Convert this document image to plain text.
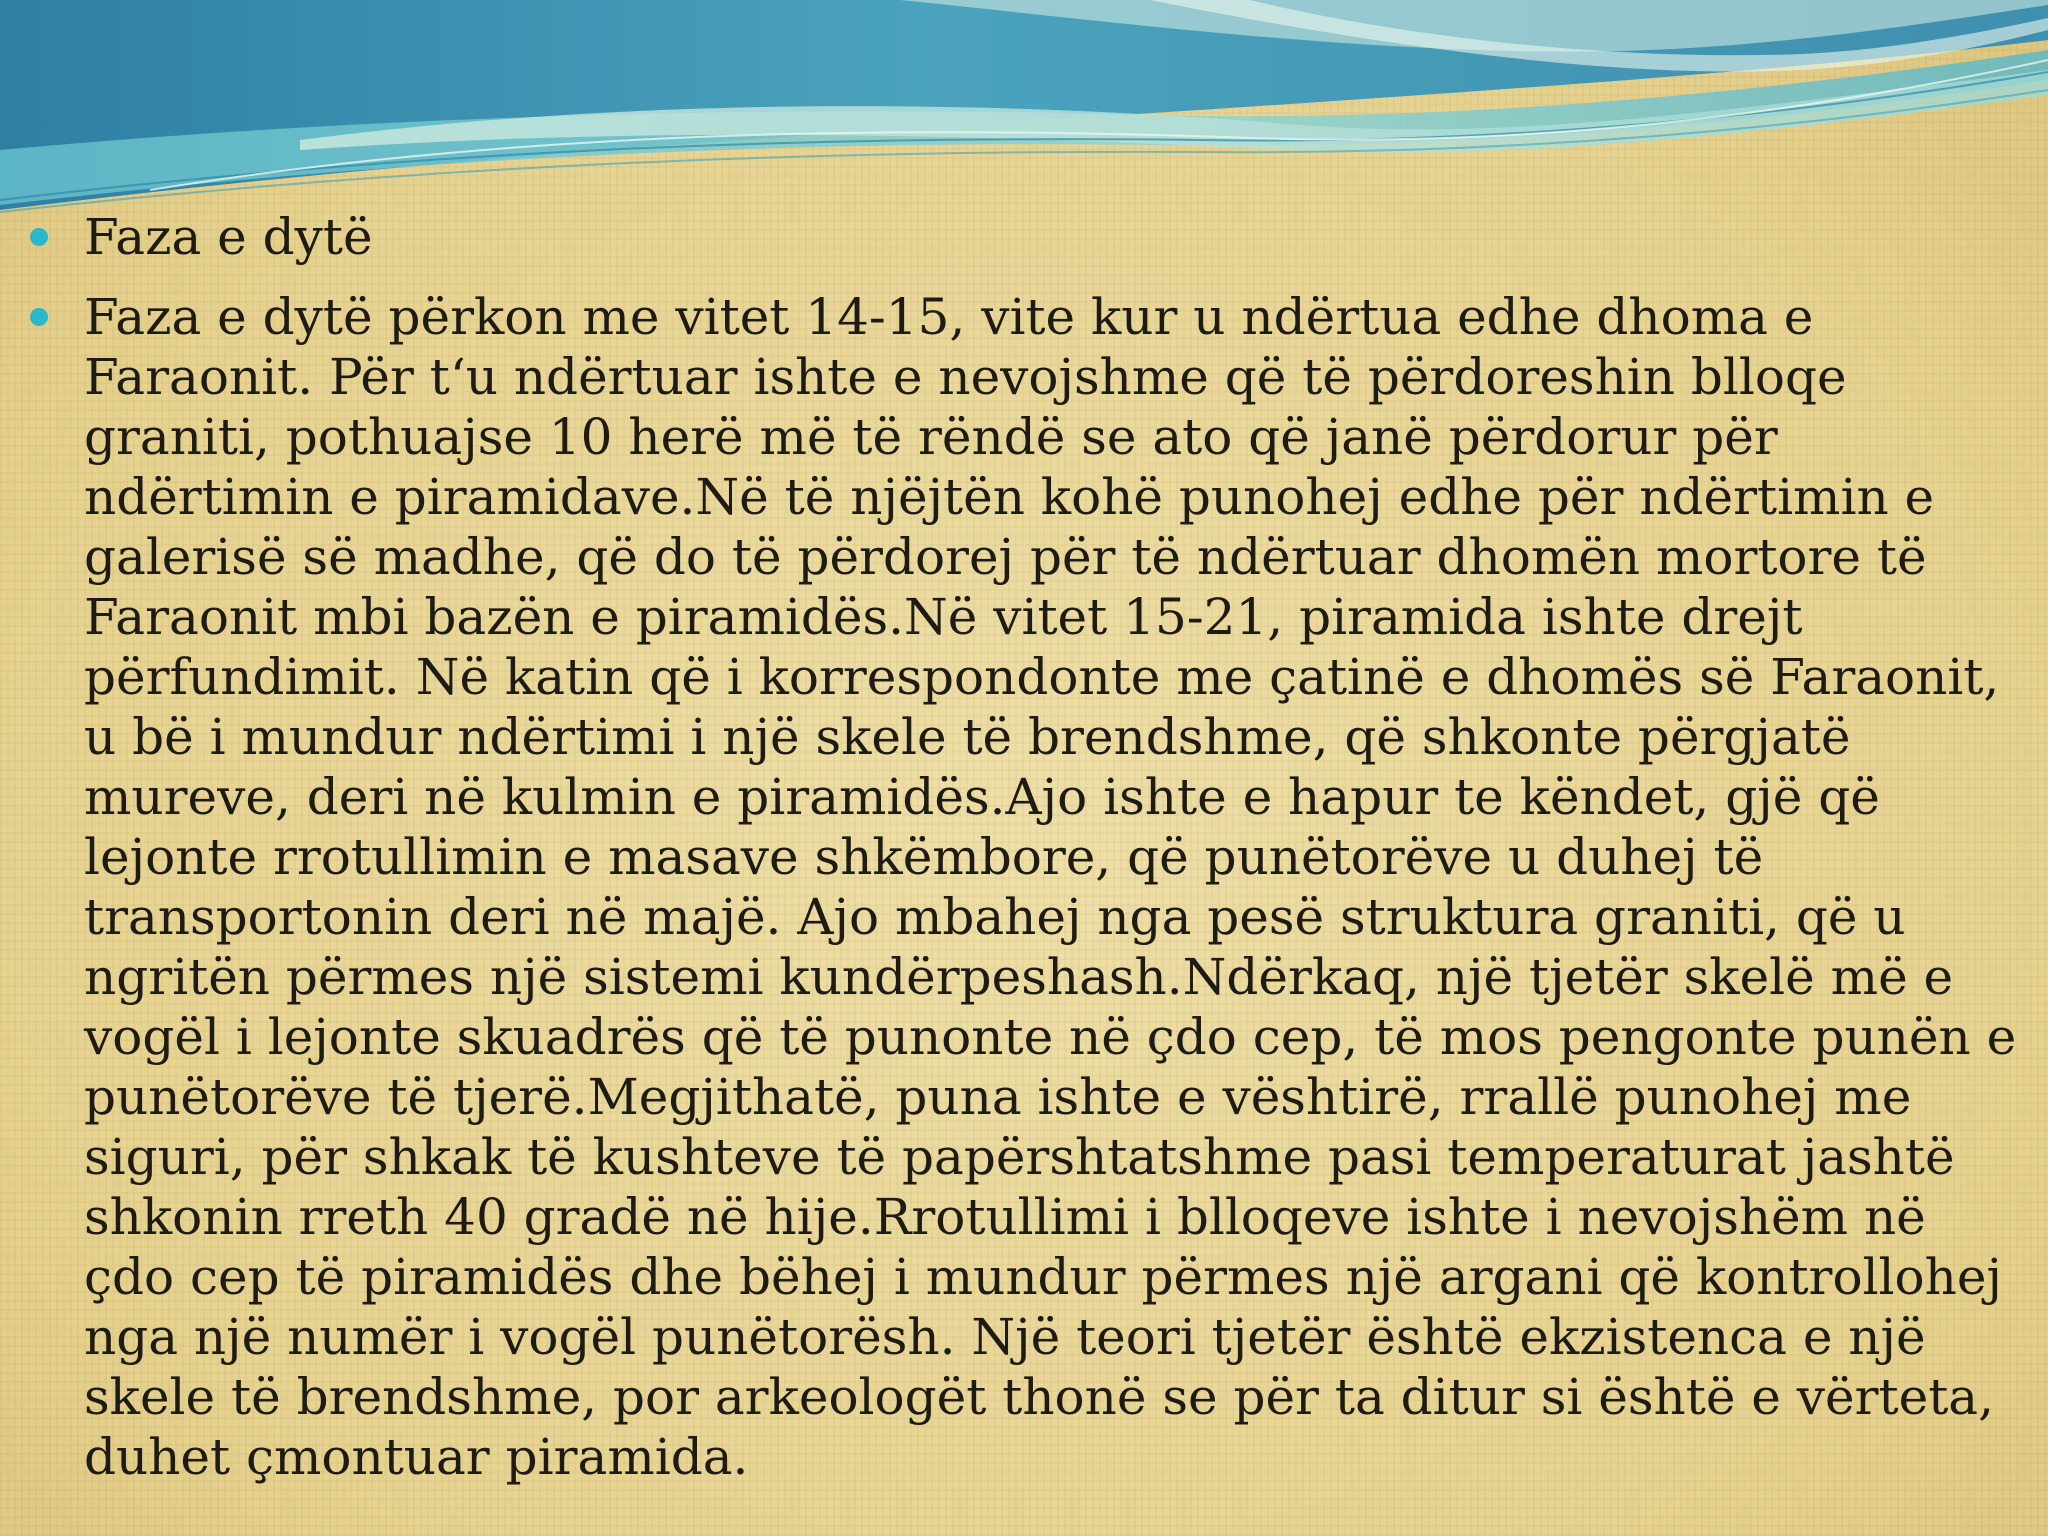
Faza e dytë
Faza e dytë përkon me vitet 14-15, vite kur u ndërtua edhe dhoma e Faraonit. Për t‘u ndërtuar ishte e nevojshme që të përdoreshin blloqe graniti, pothuajse 10 herë më të rëndë se ato që janë përdorur për ndërtimin e piramidave.Në të njëjtën kohë punohej edhe për ndërtimin e galerisë së madhe, që do të përdorej për të ndërtuar dhomën mortore të Faraonit mbi bazën e piramidës.Në vitet 15-21, piramida ishte drejt përfundimit. Në katin që i korrespondonte me çatinë e dhomës së Faraonit, u bë i mundur ndërtimi i një skele të brendshme, që shkonte përgjatë mureve, deri në kulmin e piramidës.Ajo ishte e hapur te këndet, gjë që lejonte rrotullimin e masave shkëmbore, që punëtorëve u duhej të transportonin deri në majë. Ajo mbahej nga pesë struktura graniti, që u ngritën përmes një sistemi kundërpeshash.Ndërkaq, një tjetër skelë më e vogël i lejonte skuadrës që të punonte në çdo cep, të mos pengonte punën e punëtorëve të tjerë.Megjithatë, puna ishte e vështirë, rrallë punohej me siguri, për shkak të kushteve të papërshtatshme pasi temperaturat jashtë shkonin rreth 40 gradë në hije.Rrotullimi i blloqeve ishte i nevojshëm në çdo cep të piramidës dhe bëhej i mundur përmes një argani që kontrollohej nga një numër i vogël punëtorësh. Një teori tjetër është ekzistenca e një skele të brendshme, por arkeologët thonë se për ta ditur si është e vërteta, duhet çmontuar piramida.
